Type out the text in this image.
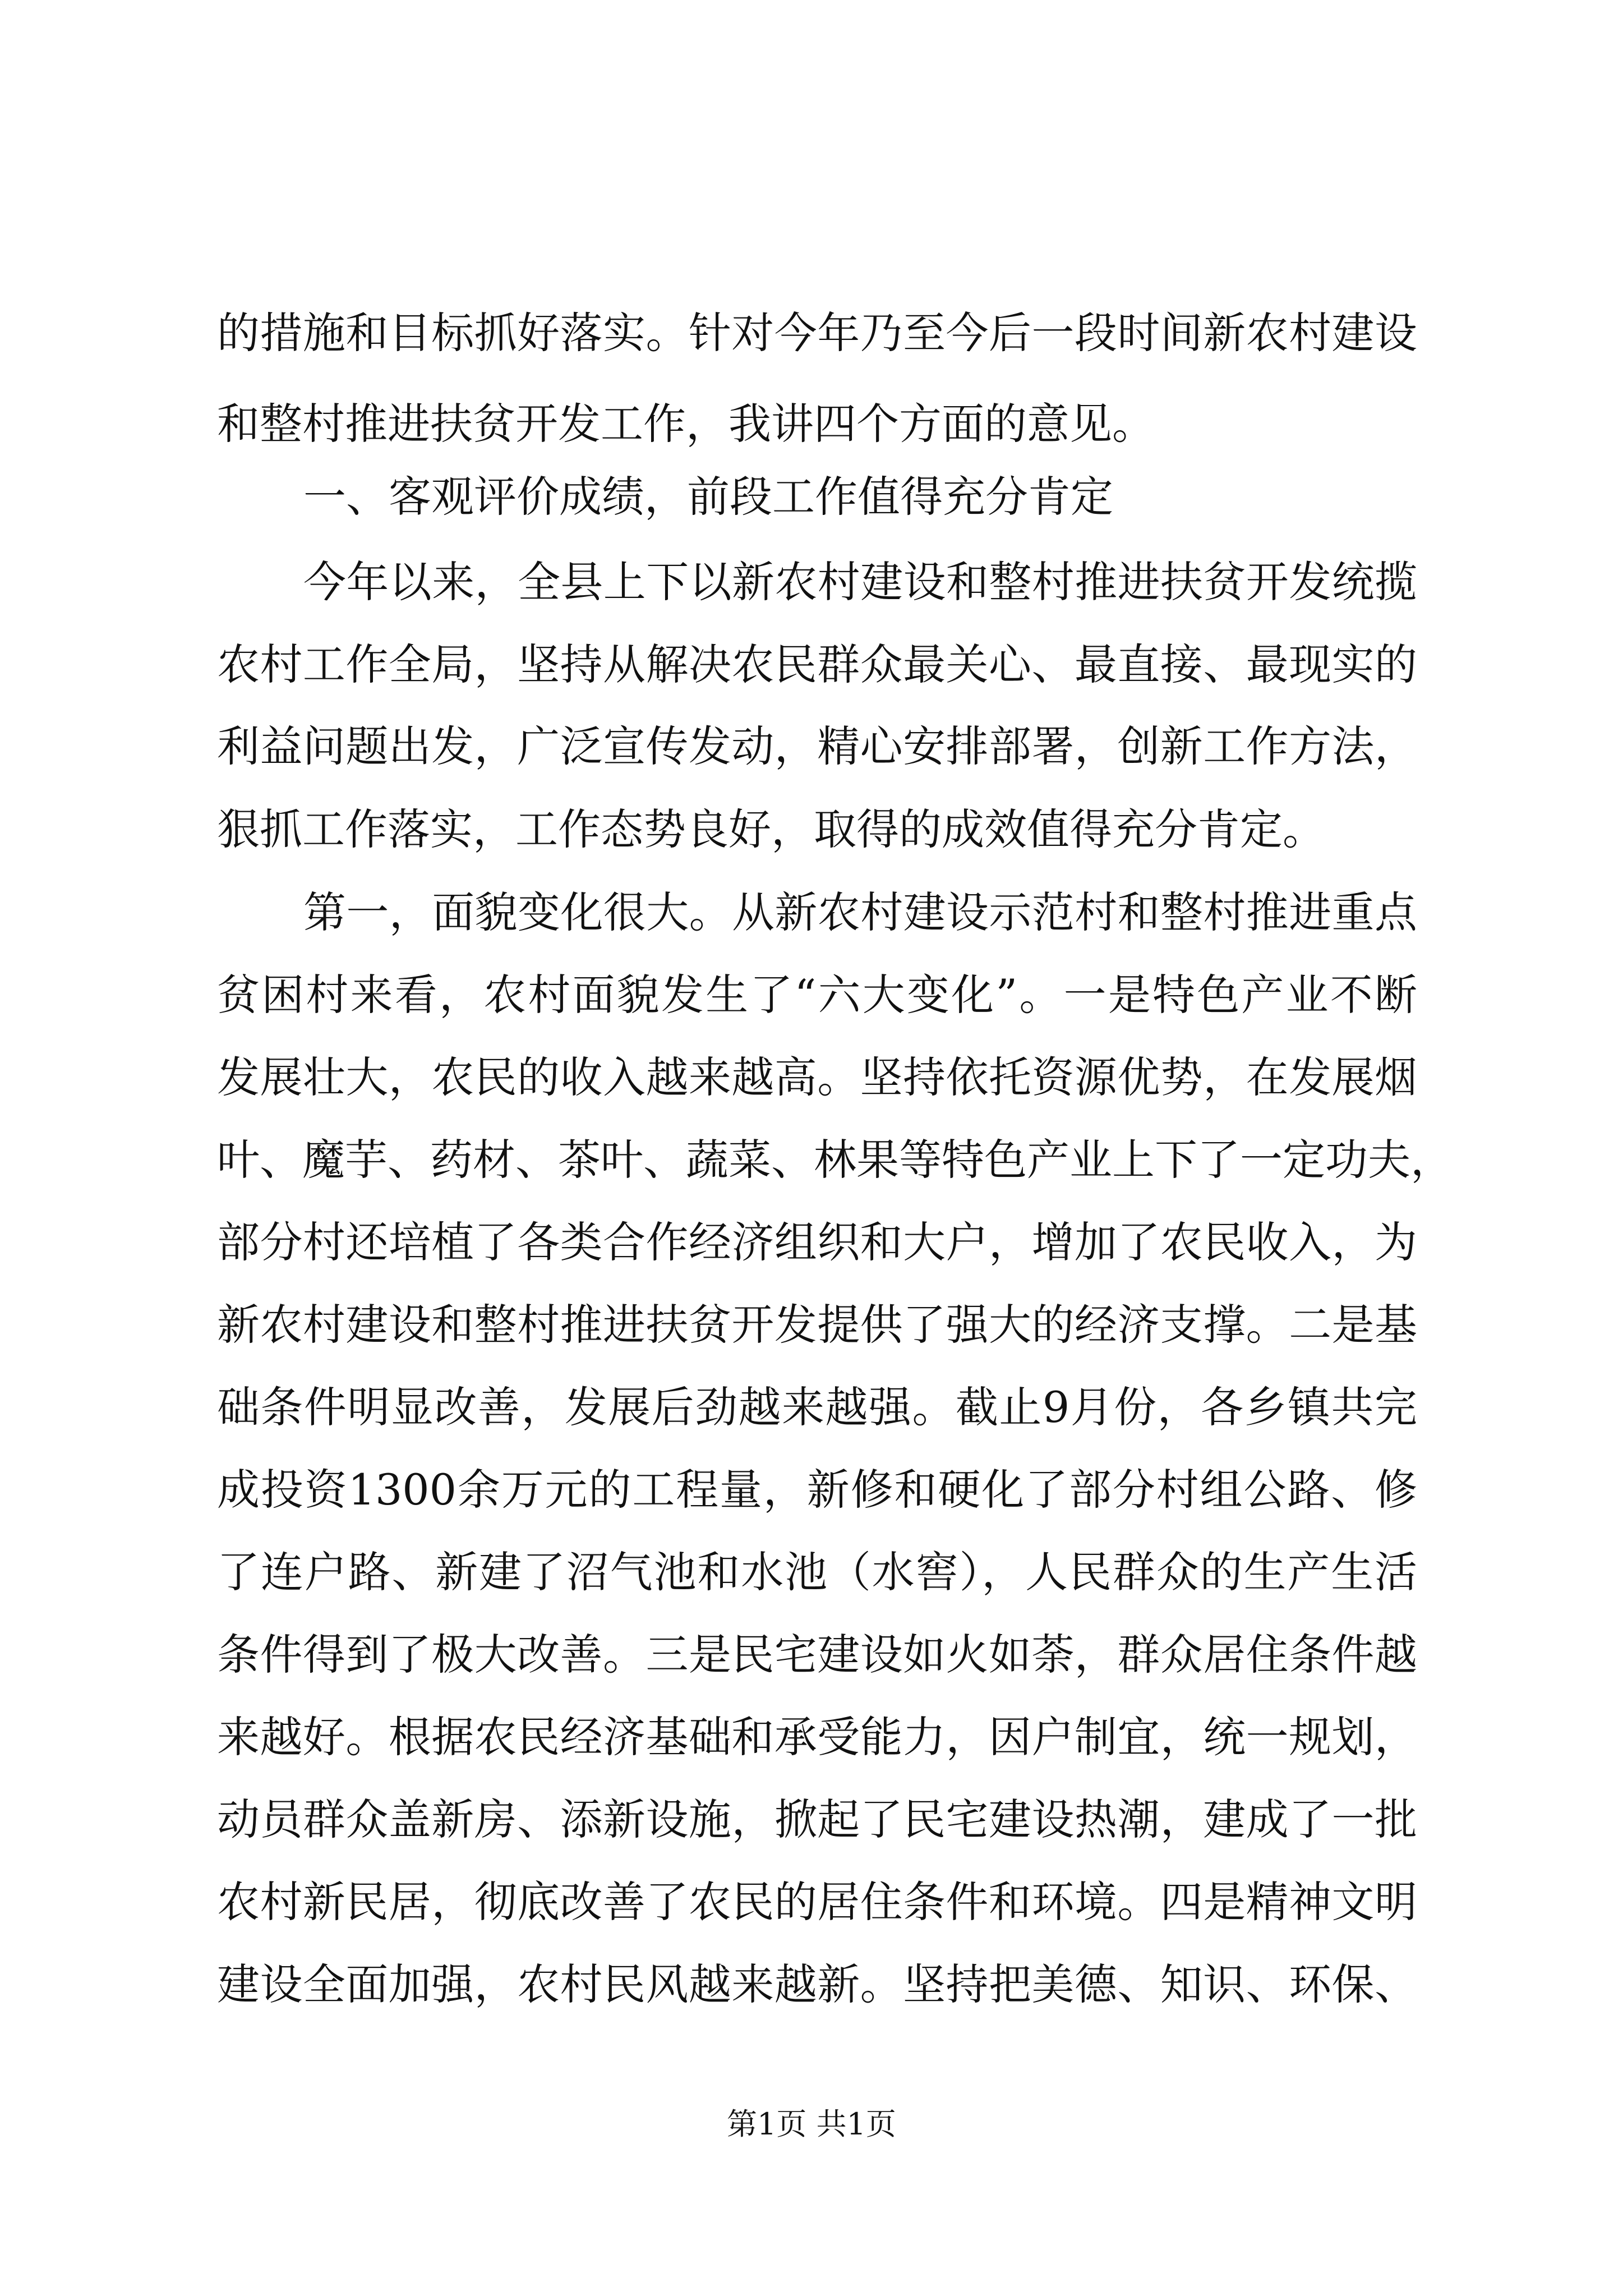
的措施和目标抓好落实。针对今年乃至今后一段时间新农村建设
和整村推进扶贫开发工作，我讲四个方面的意见。
一、客观评价成绩，前段工作值得充分肯定
今年以来，全县上下以新农村建设和整村推进扶贫开发统揽
农村工作全局，坚持从解决农民群众最关心、最直接、最现实的
利益问题出发，广泛宣传发动，精心安排部署，创新工作方法，
狠抓工作落实，工作态势良好，取得的成效值得充分肯定。
第一，面貌变化很大。从新农村建设示范村和整村推进重点
贫困村来看，农村面貌发生了“六大变化”。一是特色产业不断
发展壮大，农民的收入越来越高。坚持依托资源优势，在发展烟
叶、魔芋、药材、茶叶、蔬菜、林果等特色产业上下了一定功夫，
部分村还培植了各类合作经济组织和大户，增加了农民收入，为
新农村建设和整村推进扶贫开发提供了强大的经济支撑。二是基
础条件明显改善，发展后劲越来越强。截止9月份，各乡镇共完
成投资1300余万元的工程量，新修和硬化了部分村组公路、修
了连户路、新建了沼气池和水池（水窖），人民群众的生产生活
条件得到了极大改善。三是民宅建设如火如荼，群众居住条件越
来越好。根据农民经济基础和承受能力，因户制宜，统一规划，
动员群众盖新房、添新设施，掀起了民宅建设热潮，建成了一批
农村新民居，彻底改善了农民的居住条件和环境。四是精神文明
建设全面加强，农村民风越来越新。坚持把美德、知识、环保、
第1页 共1页
